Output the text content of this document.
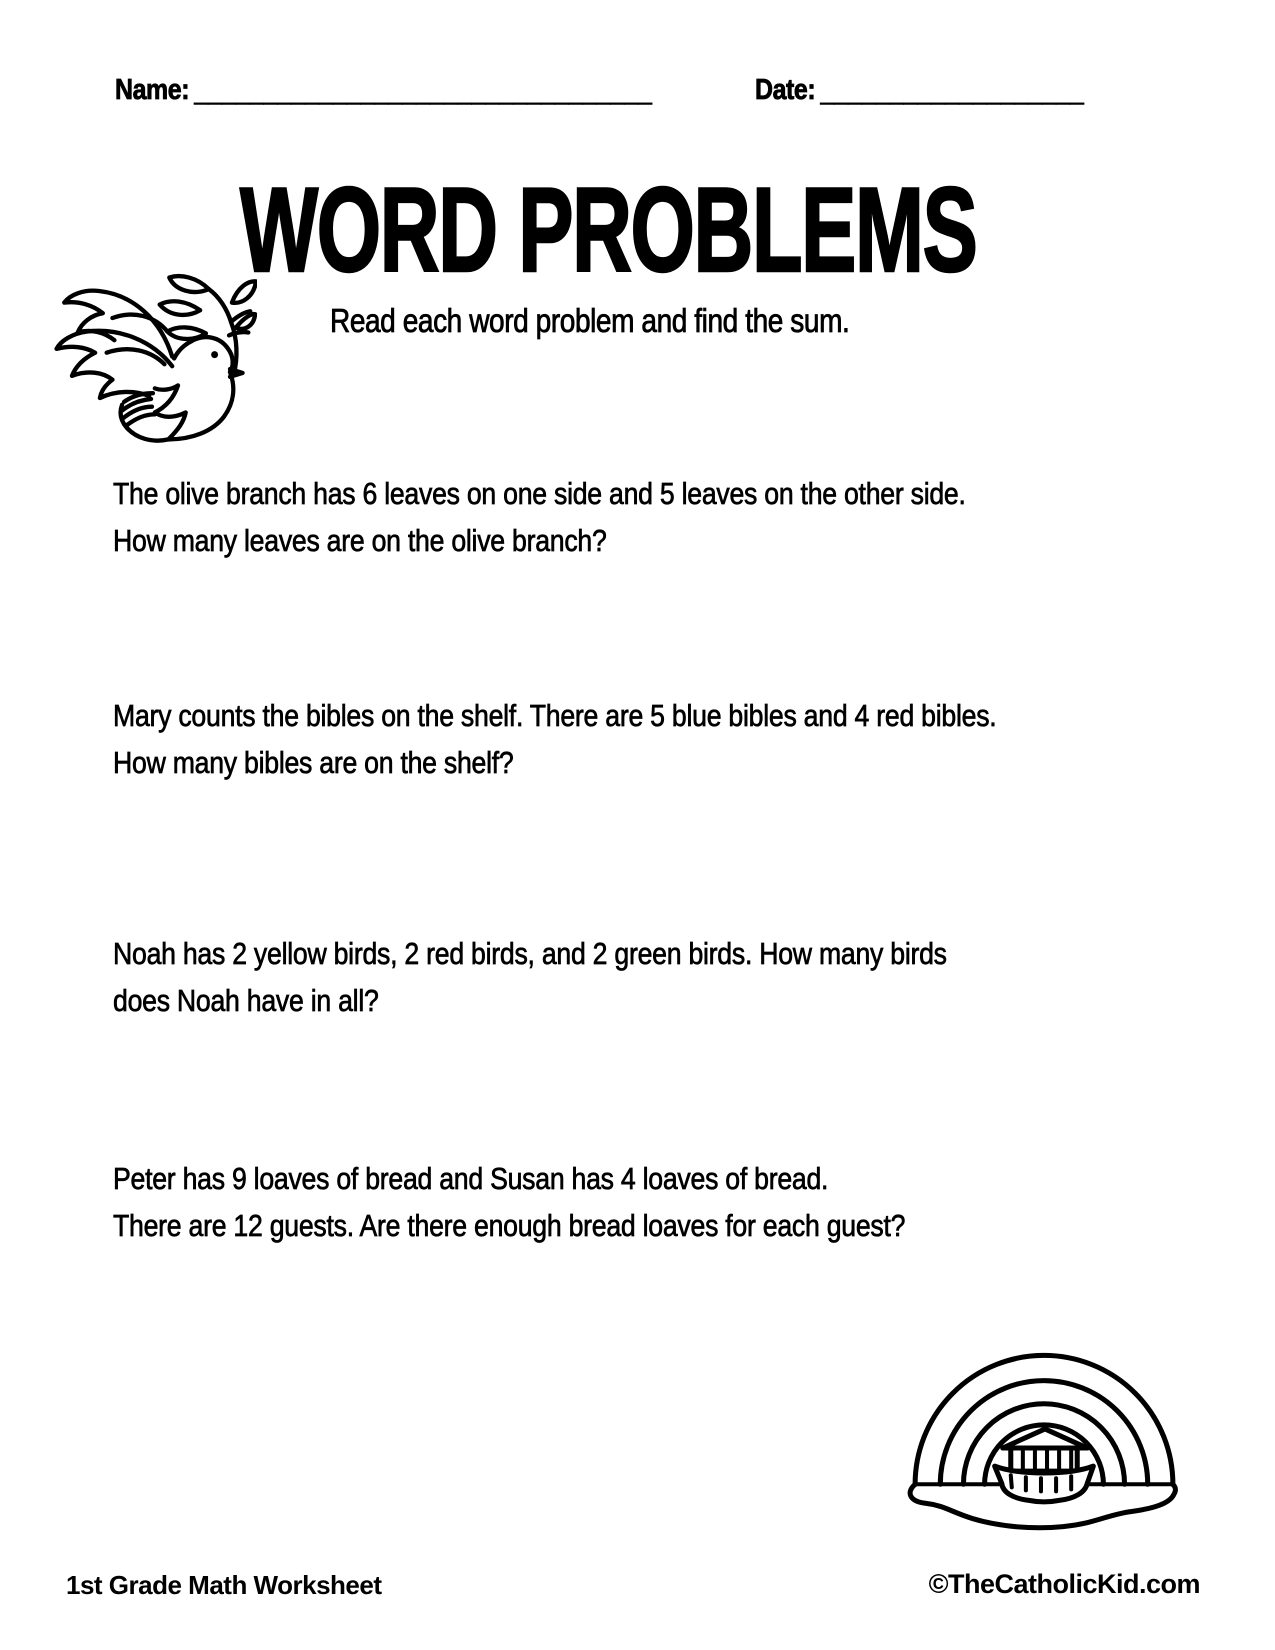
Name: _________________________________	Date: ___________________
WORD PROBLEMS
Read each word problem and find the sum.
The olive branch has 6 leaves on one side and 5 leaves on the other side.
How many leaves are on the olive branch?
Mary counts the bibles on the shelf. There are 5 blue bibles and 4 red bibles.
How many bibles are on the shelf?
Noah has 2 yellow birds, 2 red birds, and 2 green birds. How many birds
does Noah have in all?
Peter has 9 loaves of bread and Susan has 4 loaves of bread.
There are 12 guests. Are there enough bread loaves for each guest?
1st Grade Math Worksheet	©TheCatholicKid.com
